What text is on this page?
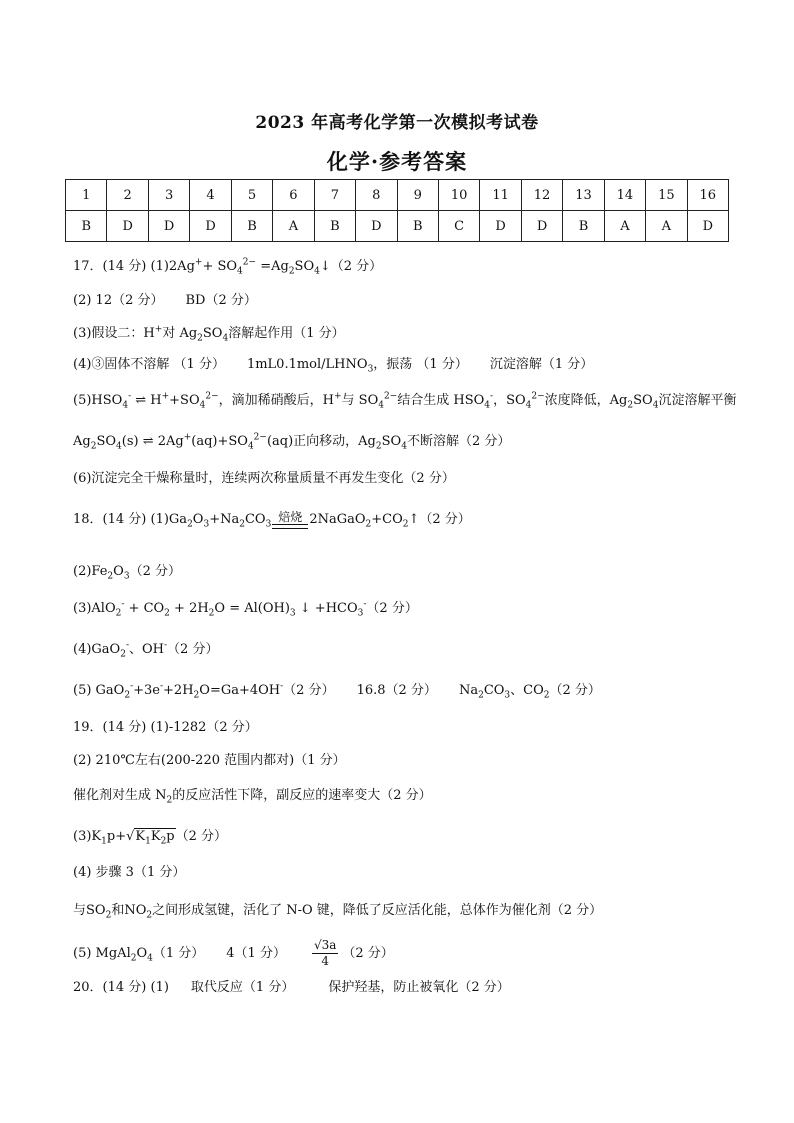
2023 年高考化学第一次模拟考试卷
化学·参考答案
1	2	3	4	5	6	7	8	9	10	11	12	13	14	15	16
B	D	D	D	B	A	B	D	B	C	D	D	B	A	A	D
17．(14 分) $(1)2Ag^++ SO_4^{2-}$ $=Ag_2SO_4↓(2$ 分）
(2) 12（2 分） BD（2 分）
(3)假设二：H+对 $Ag_2SO_4$溶解起作用（1 分）
(4)③固体不溶解 （1 分） $1mL0.1mol/LHNO_3$，振荡 （1 分） 沉淀溶解（1 分）
$(5)HSO_4^-$ ⇌ $H^++SO_4^{2-}$，滴加稀硝酸后，H+与 $SO_4^{2-}$结合生成 $HSO_4^-$，$SO_4^{2-}$浓度降低，$Ag_2SO_4$沉淀溶解平衡
$Ag_2SO_4(s)$ ⇌ $2Ag^+(aq)+SO_4^{2-}(aq)$正向移动，$Ag_2SO_4$不断溶解（2 分）
(6)沉淀完全干燥称量时，连续两次称量质量不再发生变化（2 分）
18．(14 分) $(1)Ga_2O_3+Na_2CO_3$
焙烧 $2NaGaO_2+CO_2↑(2$ 分）
$(2)Fe_2O_3(2$ 分）
$(3)AlO_2^- + CO_2 + 2H_2O = Al(OH)_3$ ↓ $+HCO_3^-(2$ 分）
(4)GaO$_2$-、OH-（2 分）
(5) $GaO_2^-+3e^-+2H_2O=Ga+4OH^-(2$ 分） 16.8（2 分） $Na_2CO_3$、$CO_2(2$ 分）
19．(14 分) (1)-1282（2 分）
(2) 210℃左右(200-220 范围内都对)（1 分）
催化剂对生成 $N_2$的反应活性下降，副反应的速率变大（2 分）
$(3)K_1p+√K_1K_2p(2$ 分）
(4) 步骤 3（1 分）
与$SO_2$和$NO_2$之间形成氢键，活化了 N-O 键，降低了反应活化能，总体作为催化剂（2 分）
(5) $MgAl_2O_4(1$ 分） 4（1 分） $\frac{√3a}{4} (2$ 分）
20．(14 分) (1) 取代反应（1 分）	保护羟基，防止被氧化（2 分）
